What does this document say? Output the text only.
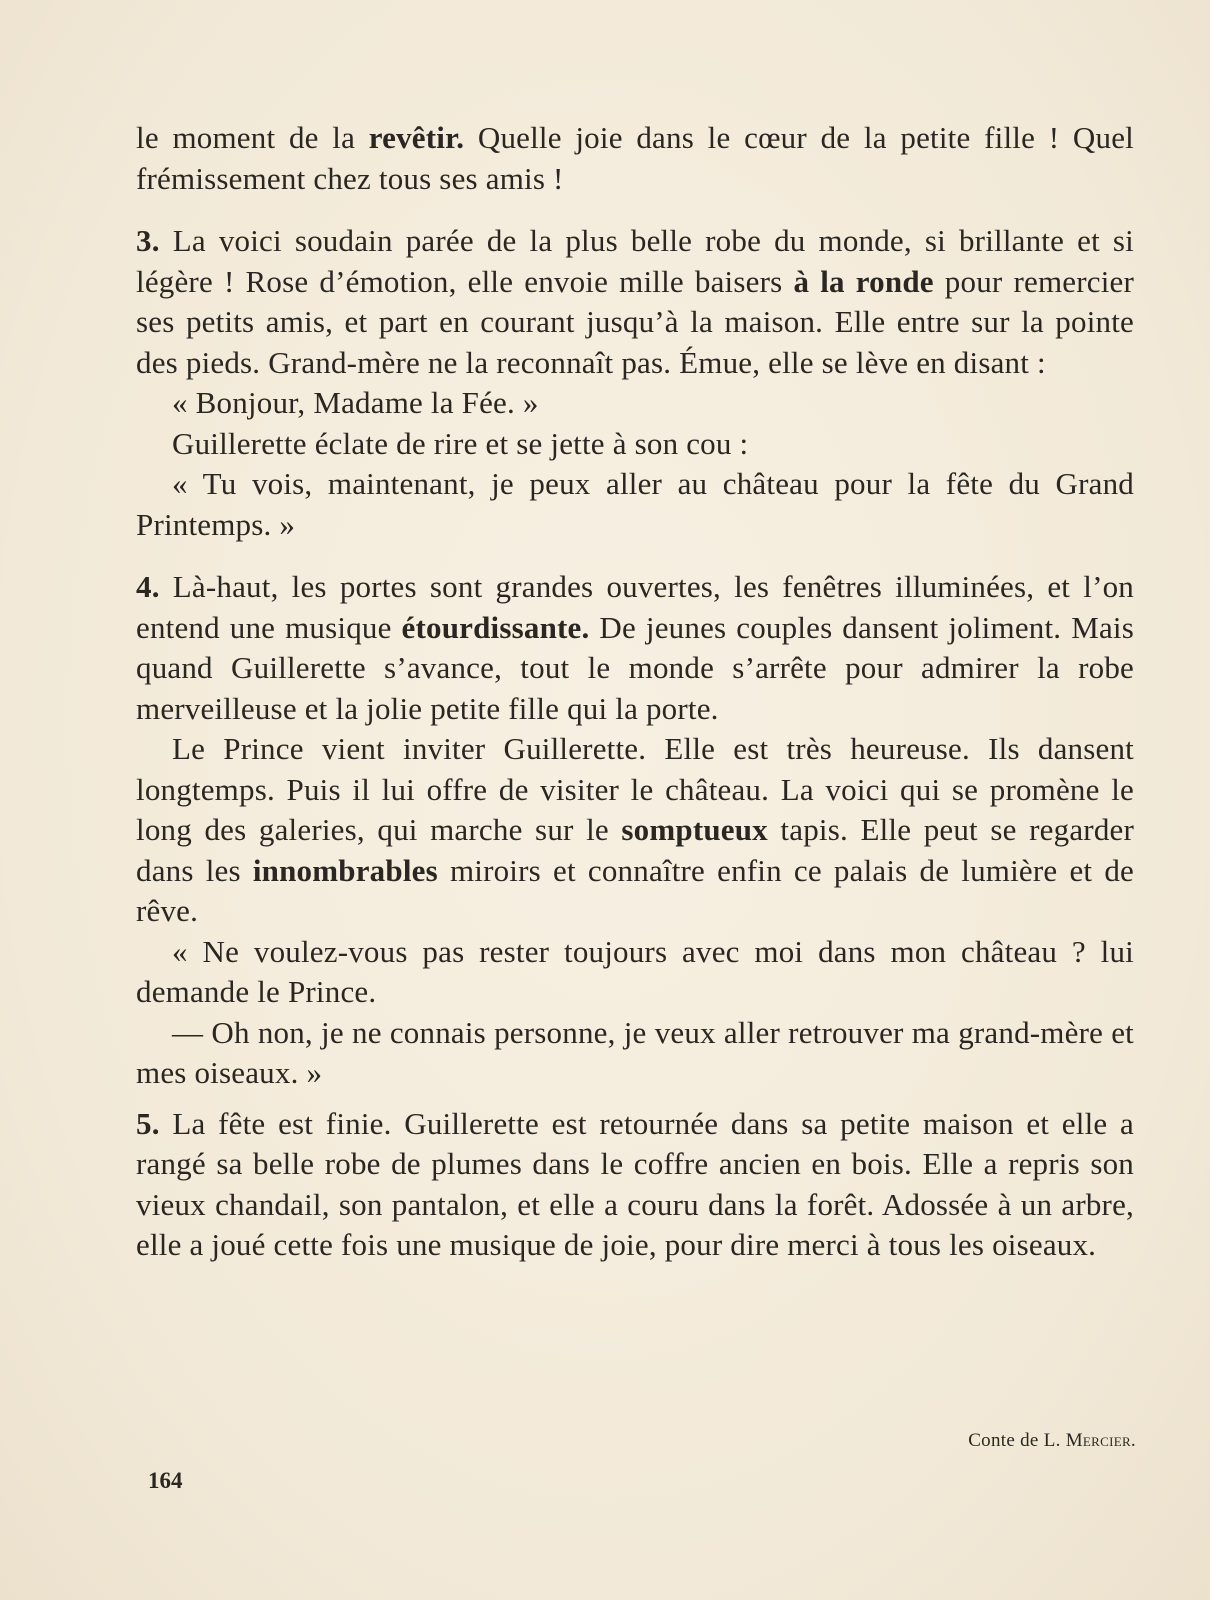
le moment de la revêtir. Quelle joie dans le cœur de la petite fille ! Quel frémissement chez tous ses amis !

3. La voici soudain parée de la plus belle robe du monde, si brillante et si légère ! Rose d’émotion, elle envoie mille baisers à la ronde pour remercier ses petits amis, et part en courant jusqu’à la maison. Elle entre sur la pointe des pieds. Grand-mère ne la reconnaît pas. Émue, elle se lève en disant :

« Bonjour, Madame la Fée. »

Guillerette éclate de rire et se jette à son cou :

« Tu vois, maintenant, je peux aller au château pour la fête du Grand Printemps. »

4. Là-haut, les portes sont grandes ouvertes, les fenêtres illuminées, et l’on entend une musique étourdissante. De jeunes couples dansent joliment. Mais quand Guillerette s’avance, tout le monde s’arrête pour admirer la robe merveilleuse et la jolie petite fille qui la porte.

Le Prince vient inviter Guillerette. Elle est très heureuse. Ils dansent longtemps. Puis il lui offre de visiter le château. La voici qui se promène le long des galeries, qui marche sur le somptueux tapis. Elle peut se regarder dans les innombrables miroirs et connaître enfin ce palais de lumière et de rêve.

« Ne voulez-vous pas rester toujours avec moi dans mon château ? lui demande le Prince.

— Oh non, je ne connais personne, je veux aller retrouver ma grand-mère et mes oiseaux. »

5. La fête est finie. Guillerette est retournée dans sa petite maison et elle a rangé sa belle robe de plumes dans le coffre ancien en bois. Elle a repris son vieux chandail, son pantalon, et elle a couru dans la forêt. Adossée à un arbre, elle a joué cette fois une musique de joie, pour dire merci à tous les oiseaux.

Conte de L. Mercier.
164
